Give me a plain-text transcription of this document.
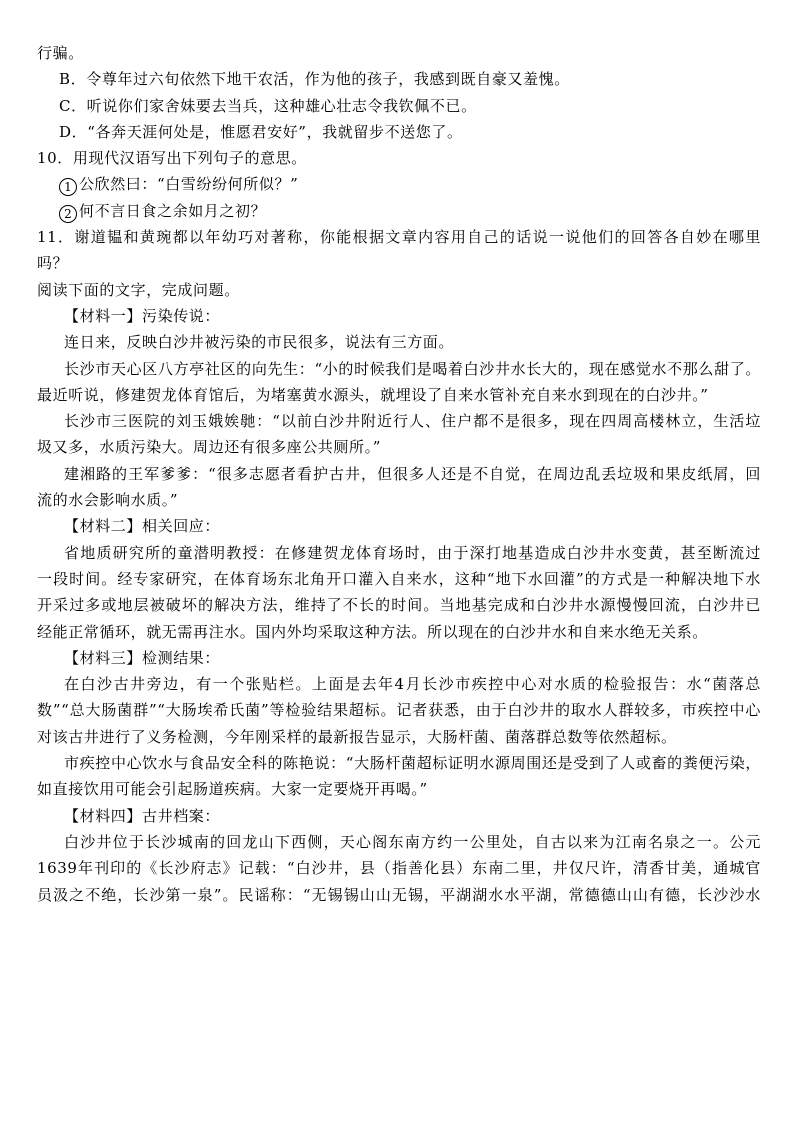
行骗。
B．令尊年过六旬依然下地干农活，作为他的孩子，我感到既自豪又羞愧。
C．听说你们家舍妹要去当兵，这种雄心壮志令我钦佩不已。
D．“各奔天涯何处是，惟愿君安好”，我就留步不送您了。
10．用现代汉语写出下列句子的意思。
1 公欣然曰：“白雪纷纷何所似？”
2 何不言日食之余如月之初？
11．谢道韫和黄琬都以年幼巧对著称，你能根据文章内容用自己的话说一说他们的回答各自妙在哪里
吗？
阅读下面的文字，完成问题。
【材料一】污染传说：
连日来，反映白沙井被污染的市民很多，说法有三方面。
长沙市天心区八方亭社区的向先生：“小的时候我们是喝着白沙井水长大的，现在感觉水不那么甜了。
最近听说，修建贺龙体育馆后，为堵塞黄水源头，就埋设了自来水管补充自来水到现在的白沙井。”
长沙市三医院的刘玉娥娭毑：“以前白沙井附近行人、住户都不是很多，现在四周高楼林立，生活垃
圾又多，水质污染大。周边还有很多座公共厕所。”
建湘路的王军爹爹：“很多志愿者看护古井，但很多人还是不自觉，在周边乱丢垃圾和果皮纸屑，回
流的水会影响水质。”
【材料二】相关回应：
省地质研究所的童潜明教授：在修建贺龙体育场时，由于深打地基造成白沙井水变黄，甚至断流过
一段时间。经专家研究，在体育场东北角开口灌入自来水，这种“地下水回灌”的方式是一种解决地下水
开采过多或地层被破坏的解决方法，维持了不长的时间。当地基完成和白沙井水源慢慢回流，白沙井已
经能正常循环，就无需再注水。国内外均采取这种方法。所以现在的白沙井水和自来水绝无关系。
【材料三】检测结果：
在白沙古井旁边，有一个张贴栏。上面是去年4月长沙市疾控中心对水质的检验报告：水“菌落总
数”“总大肠菌群”“大肠埃希氏菌”等检验结果超标。记者获悉，由于白沙井的取水人群较多，市疾控中心
对该古井进行了义务检测，今年刚采样的最新报告显示，大肠杆菌、菌落群总数等依然超标。
市疾控中心饮水与食品安全科的陈艳说：“大肠杆菌超标证明水源周围还是受到了人或畜的粪便污染，
如直接饮用可能会引起肠道疾病。大家一定要烧开再喝。”
【材料四】古井档案：
白沙井位于长沙城南的回龙山下西侧，天心阁东南方约一公里处，自古以来为江南名泉之一。公元
1639年刊印的《长沙府志》记载：“白沙井，县（指善化县）东南二里，井仅尺许，清香甘美，通城官
员汲之不绝，长沙第一泉”。民谣称：“无锡锡山山无锡，平湖湖水水平湖，常德德山山有德，长沙沙水
